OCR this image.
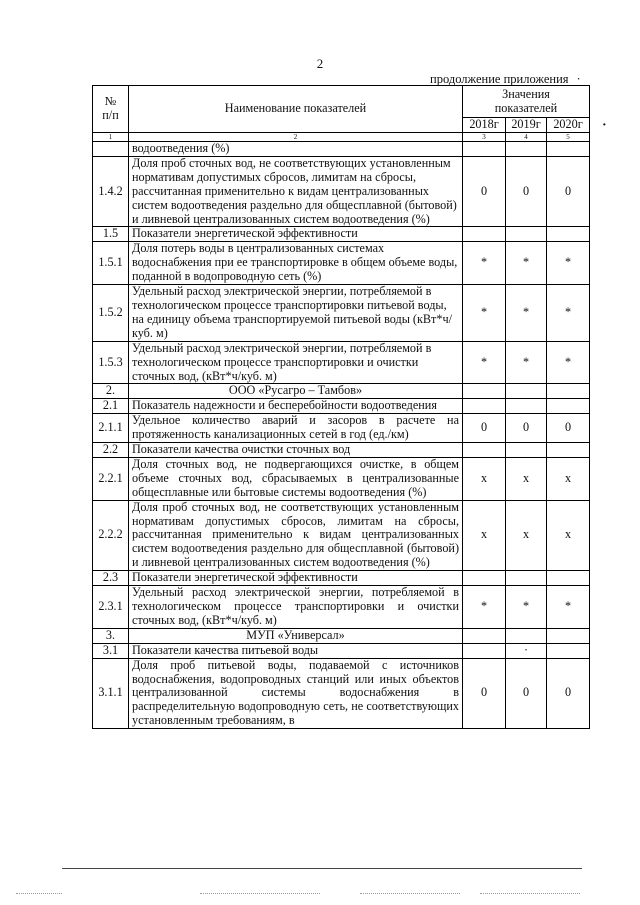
2
продолжение приложения ·
·
№
п/п	Наименование показателей	Значения
показателей		
		2018г	2019г	2020г
1	2	3	4	5
	водоотведения (%)			
1.4.2	Доля проб сточных вод, не соответствующих установленным нормативам допустимых сбросов, лимитам на сбросы, рассчитанная применительно к видам централизованных систем водоотведения раздельно для общесплавной (бытовой) и ливневой централизованных систем водоотведения (%)	0	0	0
1.5	Показатели энергетической эффективности			
1.5.1	Доля потерь воды в централизованных системах водоснабжения при ее транспортировке в общем объеме воды, поданной в водопроводную сеть (%)	*	*	*
1.5.2	Удельный расход электрической энергии, потребляемой в технологическом процессе транспортировки питьевой воды, на единицу объема транспортируемой питьевой воды (кВт*ч/куб. м)	*	*	*
1.5.3	Удельный расход электрической энергии, потребляемой в технологическом процессе транспортировки и очистки сточных вод, (кВт*ч/куб. м)	*	*	*
2.	ООО «Русагро – Тамбов»			
2.1	Показатель надежности и бесперебойности водоотведения			
2.1.1	Удельное количество аварий и засоров в расчете на протяженность канализационных сетей в год (ед./км)	0	0	0
2.2	Показатели качества очистки сточных вод			
2.2.1	Доля сточных вод, не подвергающихся очистке, в общем объеме сточных вод, сбрасываемых в централизованные общесплавные или бытовые системы водоотведения (%)	x	x	x
2.2.2	Доля проб сточных вод, не соответствующих установленным нормативам допустимых сбросов, лимитам на сбросы, рассчитанная применительно к видам централизованных систем водоотведения раздельно для общесплавной (бытовой) и ливневой централизованных систем водоотведения (%)	x	x	x
2.3	Показатели энергетической эффективности			
2.3.1	Удельный расход электрической энергии, потребляемой в технологическом процессе транспортировки и очистки сточных вод, (кВт*ч/куб. м)	*	*	*
3.	МУП «Универсал»			
3.1	Показатели качества питьевой воды		·	
3.1.1	Доля проб питьевой воды, подаваемой с источников водоснабжения, водопроводных станций или иных объектов централизованной системы водоснабжения в распределительную водопроводную сеть, не соответствующих установленным требованиям, в	0	0	0
